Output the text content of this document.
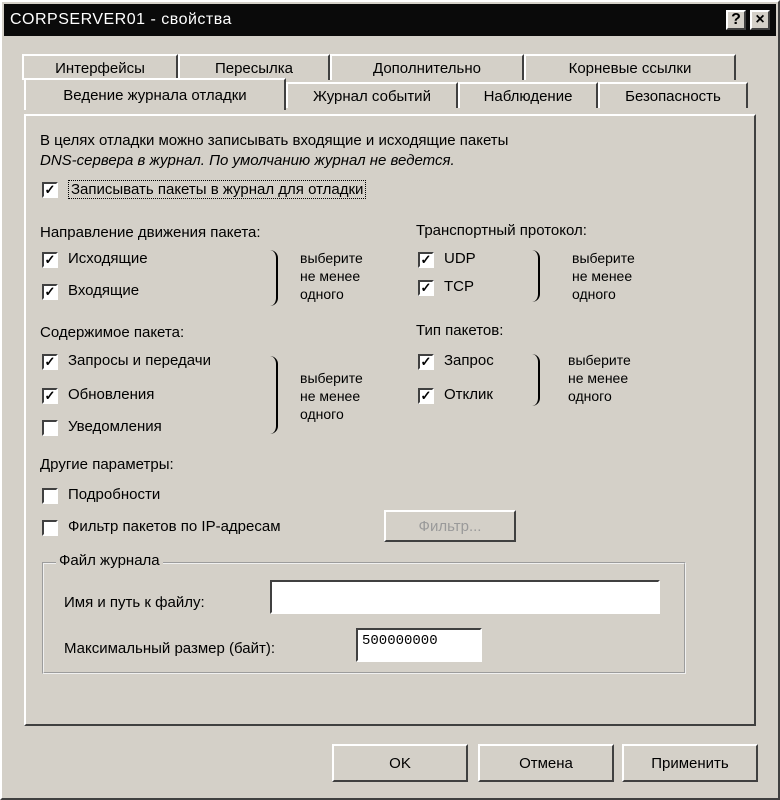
CORPSERVER01 - свойства	? ×
Интерфейсы	Пересылка	Дополнительно	Корневые ссылки
Ведение журнала отладки	Журнал событий	Наблюдение	Безопасность
В целях отладки можно записывать входящие и исходящие пакеты
DNS-сервера в журнал. По умолчанию журнал не ведется.
✓ Записывать пакеты в журнал для отладки
Направление движения пакета:
✓ Исходящие
✓ Входящие
выберите
не менее
одного
Транспортный протокол:
✓ UDP
✓ TCP
выберите
не менее
одного
Содержимое пакета:
✓ Запросы и передачи
✓ Обновления
Уведомления
выберите
не менее
одного
Тип пакетов:
✓ Запрос
✓ Отклик
выберите
не менее
одного
Другие параметры:
Подробности
Фильтр пакетов по IP-адресам	Фильтр...
Файл журнала
Имя и путь к файлу:
Максимальный размер (байт):	500000000
OK	Отмена	Применить
